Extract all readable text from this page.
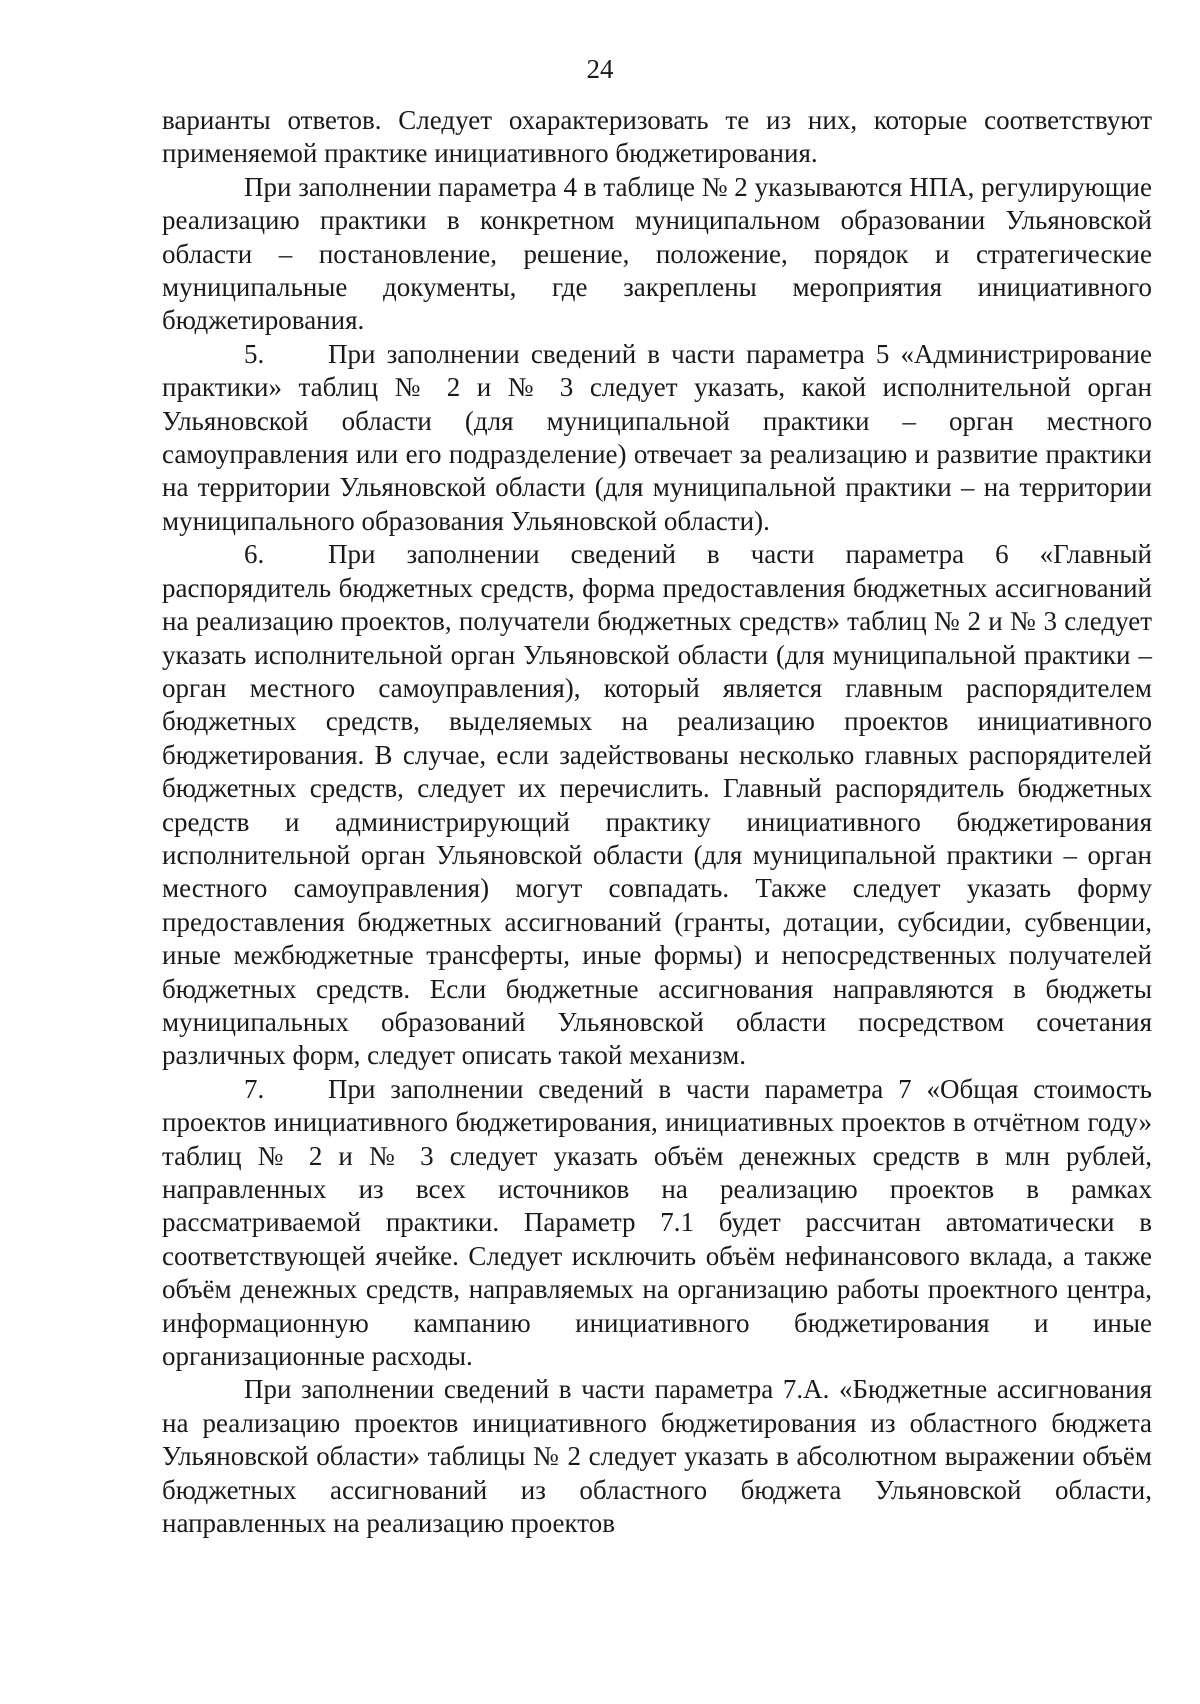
24

варианты ответов. Следует охарактеризовать те из них, которые соответствуют применяемой практике инициативного бюджетирования.

При заполнении параметра 4 в таблице № 2 указываются НПА, регулирующие реализацию практики в конкретном муниципальном образовании Ульяновской области – постановление, решение, положение, порядок и стратегические муниципальные документы, где закреплены мероприятия инициативного бюджетирования.

5. При заполнении сведений в части параметра 5 «Администрирование практики» таблиц № 2 и № 3 следует указать, какой исполнительной орган Ульяновской области (для муниципальной практики – орган местного самоуправления или его подразделение) отвечает за реализацию и развитие практики на территории Ульяновской области (для муниципальной практики – на территории муниципального образования Ульяновской области).

6. При заполнении сведений в части параметра 6 «Главный распорядитель бюджетных средств, форма предоставления бюджетных ассигнований на реализацию проектов, получатели бюджетных средств» таблиц № 2 и № 3 следует указать исполнительной орган Ульяновской области (для муниципальной практики – орган местного самоуправления), который является главным распорядителем бюджетных средств, выделяемых на реализацию проектов инициативного бюджетирования. В случае, если задействованы несколько главных распорядителей бюджетных средств, следует их перечислить. Главный распорядитель бюджетных средств и администрирующий практику инициативного бюджетирования исполнительной орган Ульяновской области (для муниципальной практики – орган местного самоуправления) могут совпадать. Также следует указать форму предоставления бюджетных ассигнований (гранты, дотации, субсидии, субвенции, иные межбюджетные трансферты, иные формы) и непосредственных получателей бюджетных средств. Если бюджетные ассигнования направляются в бюджеты муниципальных образований Ульяновской области посредством сочетания различных форм, следует описать такой механизм.

7. При заполнении сведений в части параметра 7 «Общая стоимость проектов инициативного бюджетирования, инициативных проектов в отчётном году» таблиц № 2 и № 3 следует указать объём денежных средств в млн рублей, направленных из всех источников на реализацию проектов в рамках рассматриваемой практики. Параметр 7.1 будет рассчитан автоматически в соответствующей ячейке. Следует исключить объём нефинансового вклада, а также объём денежных средств, направляемых на организацию работы проектного центра, информационную кампанию инициативного бюджетирования и иные организационные расходы.

При заполнении сведений в части параметра 7.А. «Бюджетные ассигнования на реализацию проектов инициативного бюджетирования из областного бюджета Ульяновской области» таблицы № 2 следует указать в абсолютном выражении объём бюджетных ассигнований из областного бюджета Ульяновской области, направленных на реализацию проектов
